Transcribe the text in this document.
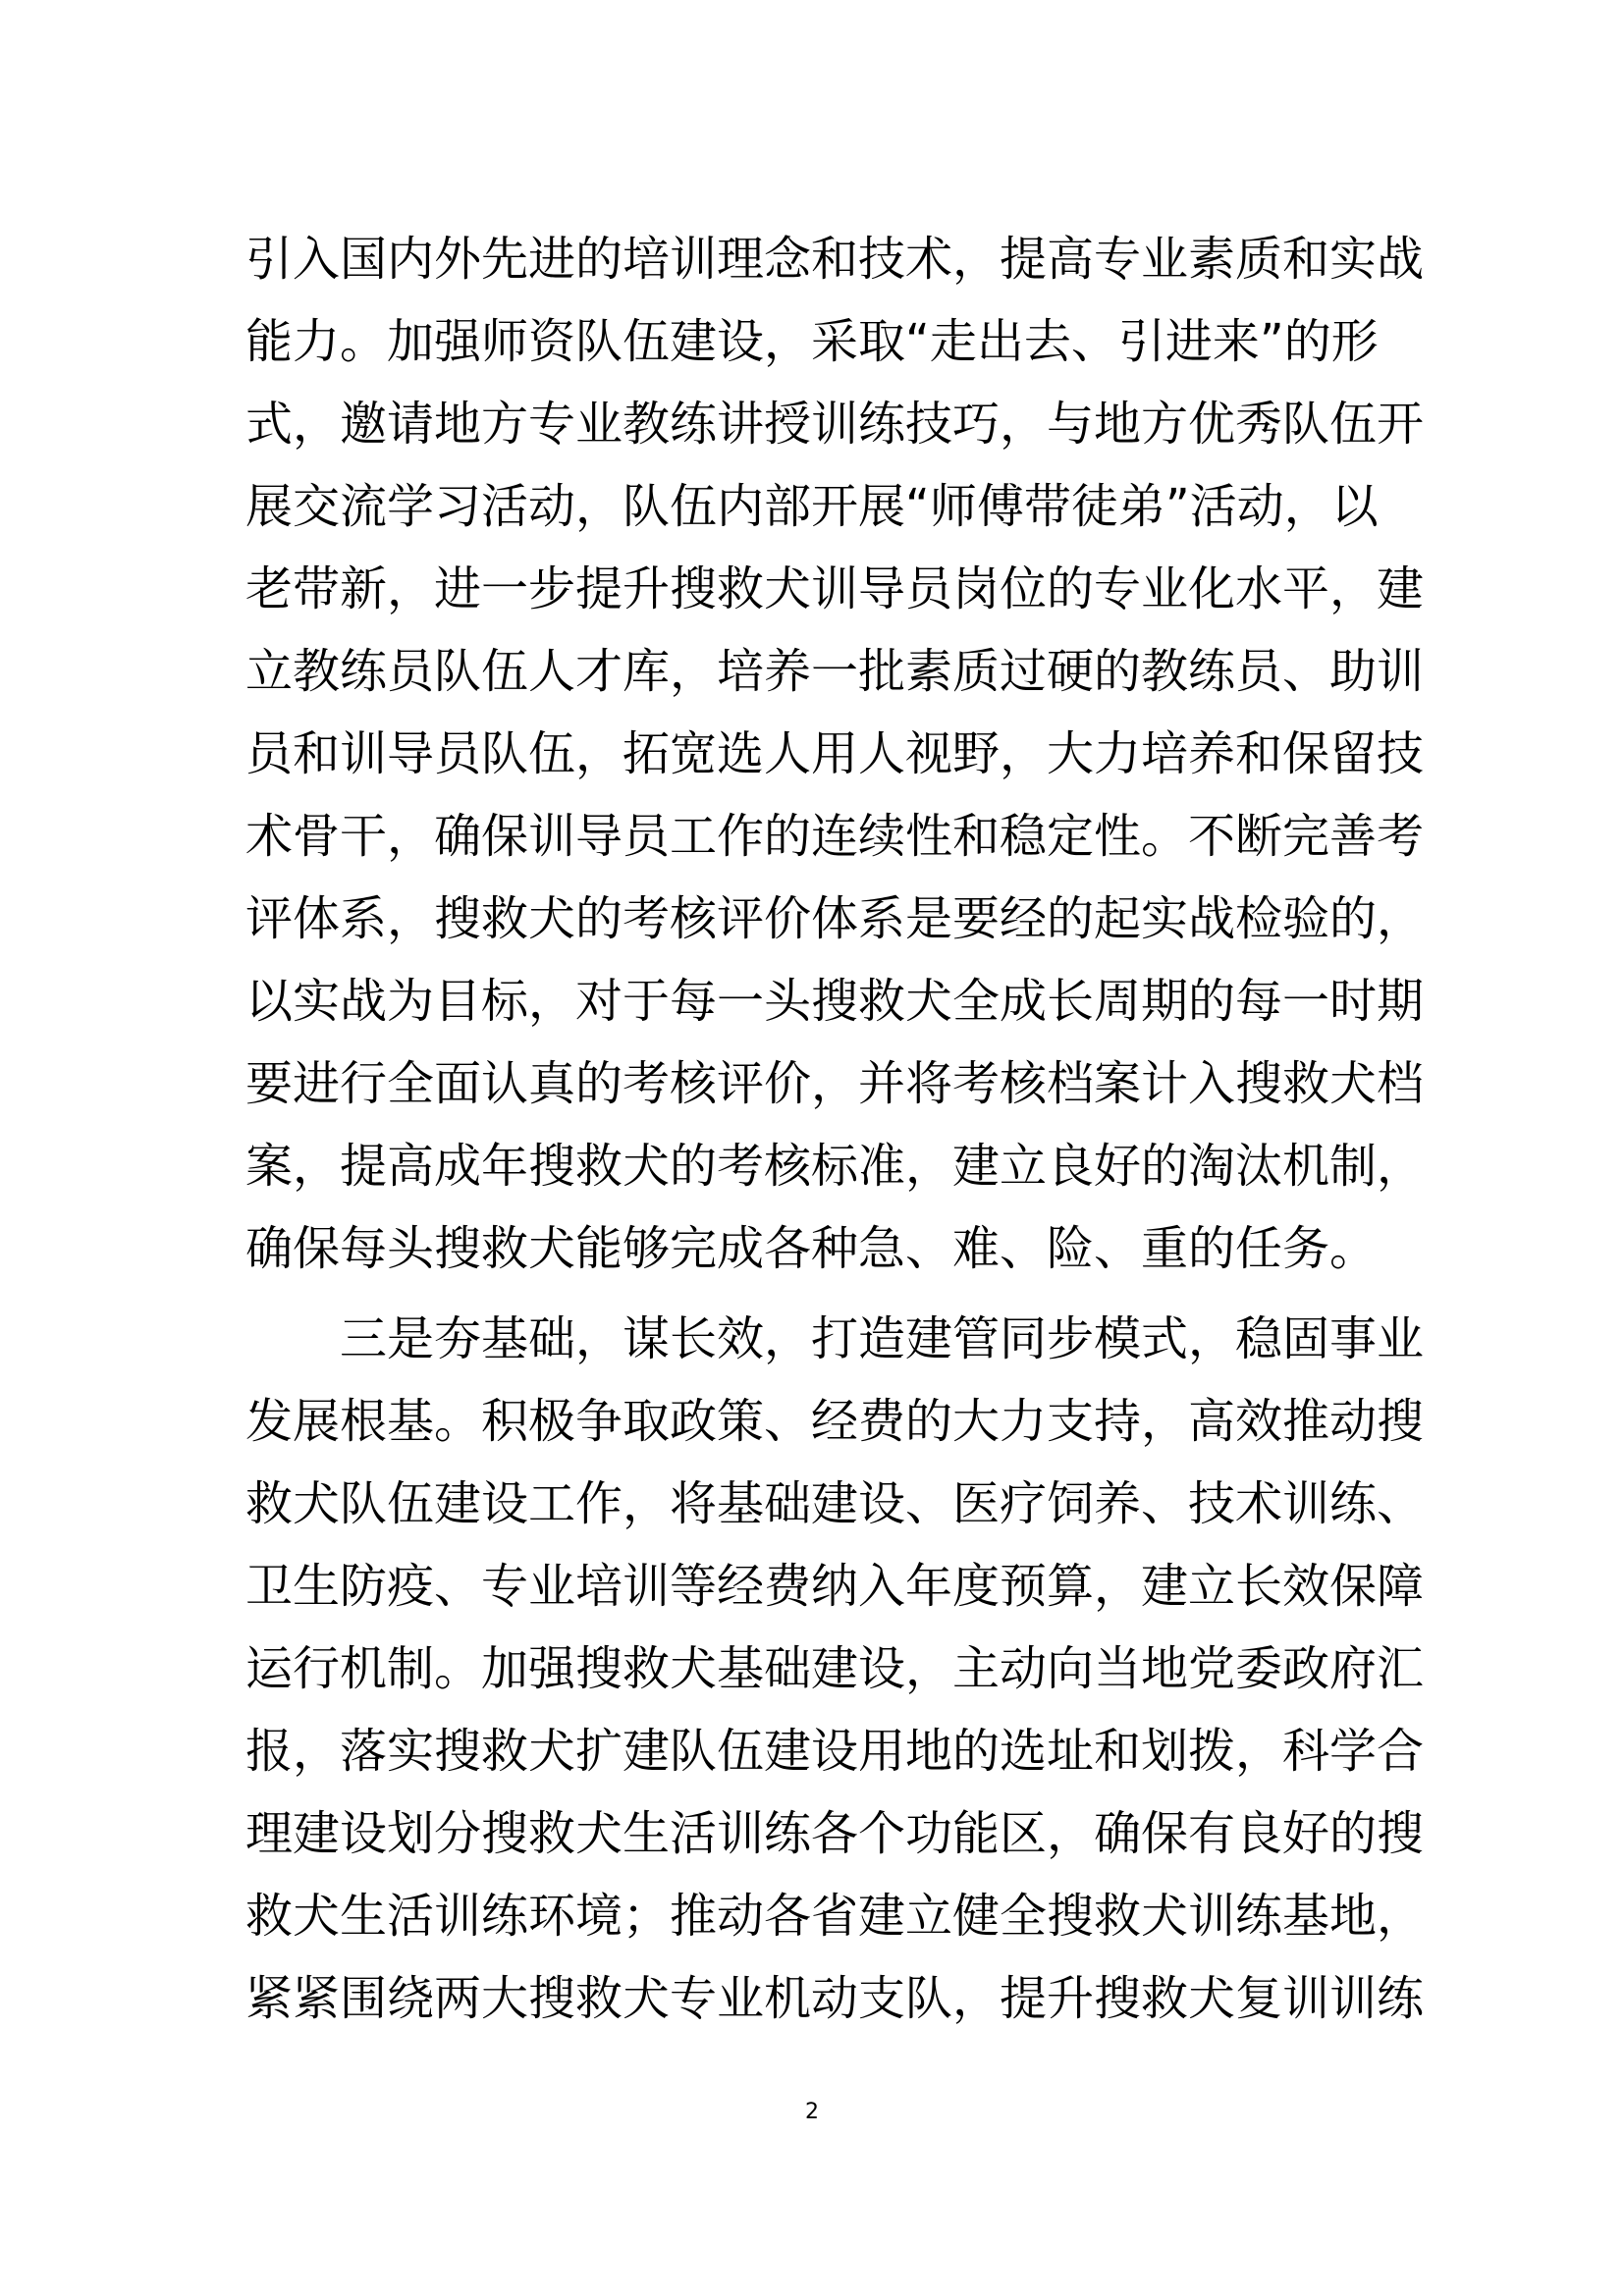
引入国内外先进的培训理念和技术，提高专业素质和实战
能力。加强师资队伍建设，采取“走出去、引进来”的形
式，邀请地方专业教练讲授训练技巧，与地方优秀队伍开
展交流学习活动，队伍内部开展“师傅带徒弟”活动，以
老带新，进一步提升搜救犬训导员岗位的专业化水平，建
立教练员队伍人才库，培养一批素质过硬的教练员、助训
员和训导员队伍，拓宽选人用人视野，大力培养和保留技
术骨干，确保训导员工作的连续性和稳定性。不断完善考
评体系，搜救犬的考核评价体系是要经的起实战检验的，
以实战为目标，对于每一头搜救犬全成长周期的每一时期
要进行全面认真的考核评价，并将考核档案计入搜救犬档
案，提高成年搜救犬的考核标准，建立良好的淘汰机制，
确保每头搜救犬能够完成各种急、难、险、重的任务。
三是夯基础，谋长效，打造建管同步模式，稳固事业
发展根基。积极争取政策、经费的大力支持，高效推动搜
救犬队伍建设工作，将基础建设、医疗饲养、技术训练、
卫生防疫、专业培训等经费纳入年度预算，建立长效保障
运行机制。加强搜救犬基础建设，主动向当地党委政府汇
报，落实搜救犬扩建队伍建设用地的选址和划拨，科学合
理建设划分搜救犬生活训练各个功能区，确保有良好的搜
救犬生活训练环境；推动各省建立健全搜救犬训练基地，
紧紧围绕两大搜救犬专业机动支队，提升搜救犬复训训练
2
